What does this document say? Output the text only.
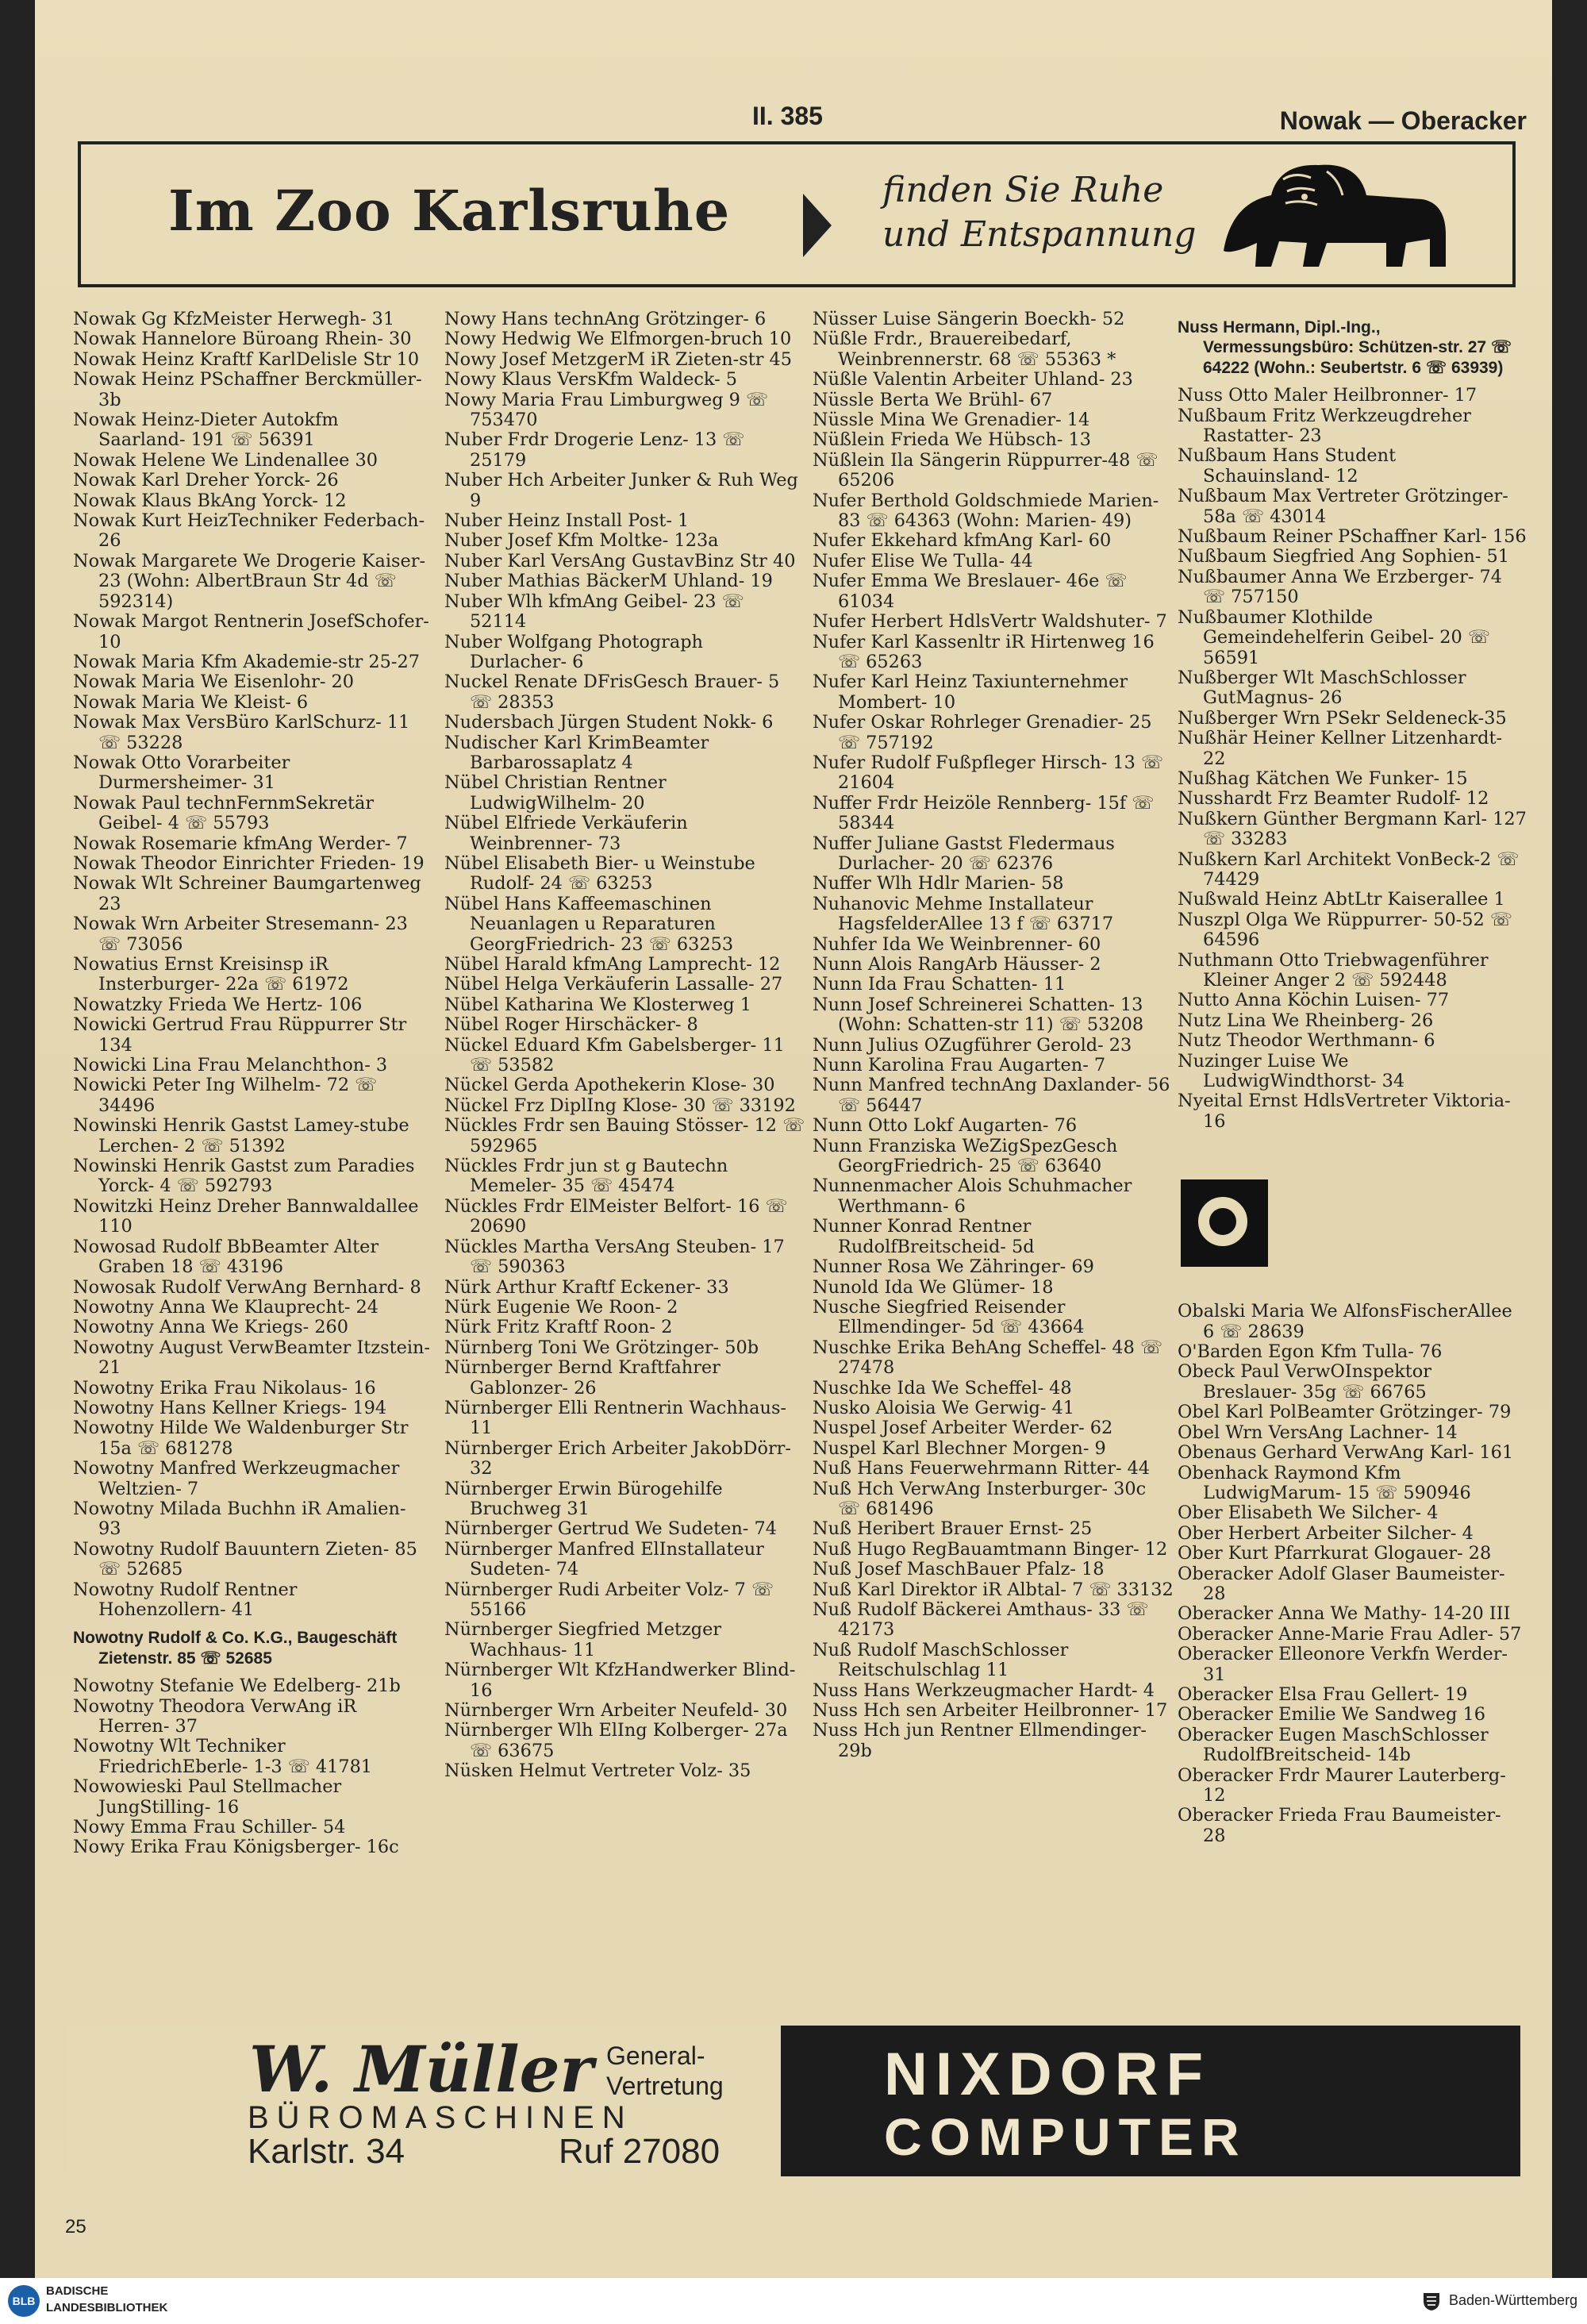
II. 385	Nowak — Oberacker
Im Zoo Karlsruhe	finden Sie Ruhe
und Entspannung

Nowak Gg KfzMeister Herwegh- 31

Nowak Hannelore Büroang Rhein- 30

Nowak Heinz Kraftf KarlDelisle Str 10

Nowak Heinz PSchaffner Berckmüller- 3b

Nowak Heinz-Dieter Autokfm Saarland- 191 ☏ 56391

Nowak Helene We Lindenallee 30

Nowak Karl Dreher Yorck- 26

Nowak Klaus BkAng Yorck- 12

Nowak Kurt HeizTechniker Federbach- 26

Nowak Margarete We Drogerie Kaiser- 23 (Wohn: AlbertBraun Str 4d ☏ 592314)

Nowak Margot Rentnerin JosefSchofer- 10

Nowak Maria Kfm Akademie-str 25-27

Nowak Maria We Eisenlohr- 20

Nowak Maria We Kleist- 6

Nowak Max VersBüro KarlSchurz- 11 ☏ 53228

Nowak Otto Vorarbeiter Durmersheimer- 31

Nowak Paul technFernmSekretär Geibel- 4 ☏ 55793

Nowak Rosemarie kfmAng Werder- 7

Nowak Theodor Einrichter Frieden- 19

Nowak Wlt Schreiner Baumgartenweg 23

Nowak Wrn Arbeiter Stresemann- 23 ☏ 73056

Nowatius Ernst Kreisinsp iR Insterburger- 22a ☏ 61972

Nowatzky Frieda We Hertz- 106

Nowicki Gertrud Frau Rüppurrer Str 134

Nowicki Lina Frau Melanchthon- 3

Nowicki Peter Ing Wilhelm- 72 ☏ 34496

Nowinski Henrik Gastst Lamey-stube Lerchen- 2 ☏ 51392

Nowinski Henrik Gastst zum Paradies Yorck- 4 ☏ 592793

Nowitzki Heinz Dreher Bannwaldallee 110

Nowosad Rudolf BbBeamter Alter Graben 18 ☏ 43196

Nowosak Rudolf VerwAng Bernhard- 8

Nowotny Anna We Klauprecht- 24

Nowotny Anna We Kriegs- 260

Nowotny August VerwBeamter Itzstein- 21

Nowotny Erika Frau Nikolaus- 16

Nowotny Hans Kellner Kriegs- 194

Nowotny Hilde We Waldenburger Str 15a ☏ 681278

Nowotny Manfred Werkzeugmacher Weltzien- 7

Nowotny Milada Buchhn iR Amalien- 93

Nowotny Rudolf Bauuntern Zieten- 85 ☏ 52685

Nowotny Rudolf Rentner Hohenzollern- 41

Nowotny Rudolf & Co. K.G., Baugeschäft Zietenstr. 85 ☏ 52685

Nowotny Stefanie We Edelberg- 21b

Nowotny Theodora VerwAng iR Herren- 37

Nowotny Wlt Techniker FriedrichEberle- 1-3 ☏ 41781

Nowowieski Paul Stellmacher JungStilling- 16

Nowy Emma Frau Schiller- 54

Nowy Erika Frau Königsberger- 16c

Nowy Hans technAng Grötzinger- 6

Nowy Hedwig We Elfmorgen-bruch 10

Nowy Josef MetzgerM iR Zieten-str 45

Nowy Klaus VersKfm Waldeck- 5

Nowy Maria Frau Limburgweg 9 ☏ 753470

Nuber Frdr Drogerie Lenz- 13 ☏ 25179

Nuber Hch Arbeiter Junker & Ruh Weg 9

Nuber Heinz Install Post- 1

Nuber Josef Kfm Moltke- 123a

Nuber Karl VersAng GustavBinz Str 40

Nuber Mathias BäckerM Uhland- 19

Nuber Wlh kfmAng Geibel- 23 ☏ 52114

Nuber Wolfgang Photograph Durlacher- 6

Nuckel Renate DFrisGesch Brauer- 5 ☏ 28353

Nudersbach Jürgen Student Nokk- 6

Nudischer Karl KrimBeamter Barbarossaplatz 4

Nübel Christian Rentner LudwigWilhelm- 20

Nübel Elfriede Verkäuferin Weinbrenner- 73

Nübel Elisabeth Bier- u Weinstube Rudolf- 24 ☏ 63253

Nübel Hans Kaffeemaschinen Neuanlagen u Reparaturen GeorgFriedrich- 23 ☏ 63253

Nübel Harald kfmAng Lamprecht- 12

Nübel Helga Verkäuferin Lassalle- 27

Nübel Katharina We Klosterweg 1

Nübel Roger Hirschäcker- 8

Nückel Eduard Kfm Gabelsberger- 11 ☏ 53582

Nückel Gerda Apothekerin Klose- 30

Nückel Frz DiplIng Klose- 30 ☏ 33192

Nückles Frdr sen Bauing Stösser- 12 ☏ 592965

Nückles Frdr jun st g Bautechn Memeler- 35 ☏ 45474

Nückles Frdr ElMeister Belfort- 16 ☏ 20690

Nückles Martha VersAng Steuben- 17 ☏ 590363

Nürk Arthur Kraftf Eckener- 33

Nürk Eugenie We Roon- 2

Nürk Fritz Kraftf Roon- 2

Nürnberg Toni We Grötzinger- 50b

Nürnberger Bernd Kraftfahrer Gablonzer- 26

Nürnberger Elli Rentnerin Wachhaus- 11

Nürnberger Erich Arbeiter JakobDörr- 32

Nürnberger Erwin Bürogehilfe Bruchweg 31

Nürnberger Gertrud We Sudeten- 74

Nürnberger Manfred ElInstallateur Sudeten- 74

Nürnberger Rudi Arbeiter Volz- 7 ☏ 55166

Nürnberger Siegfried Metzger Wachhaus- 11

Nürnberger Wlt KfzHandwerker Blind- 16

Nürnberger Wrn Arbeiter Neufeld- 30

Nürnberger Wlh ElIng Kolberger- 27a ☏ 63675

Nüsken Helmut Vertreter Volz- 35

Nüsser Luise Sängerin Boeckh- 52

Nüßle Frdr., Brauereibedarf, Weinbrennerstr. 68 ☏ 55363 *

Nüßle Valentin Arbeiter Uhland- 23

Nüssle Berta We Brühl- 67

Nüssle Mina We Grenadier- 14

Nüßlein Frieda We Hübsch- 13

Nüßlein Ila Sängerin Rüppurrer-48 ☏ 65206

Nufer Berthold Goldschmiede Marien- 83 ☏ 64363 (Wohn: Marien- 49)

Nufer Ekkehard kfmAng Karl- 60

Nufer Elise We Tulla- 44

Nufer Emma We Breslauer- 46e ☏ 61034

Nufer Herbert HdlsVertr Waldshuter- 7

Nufer Karl Kassenltr iR Hirtenweg 16 ☏ 65263

Nufer Karl Heinz Taxiunternehmer Mombert- 10

Nufer Oskar Rohrleger Grenadier- 25 ☏ 757192

Nufer Rudolf Fußpfleger Hirsch- 13 ☏ 21604

Nuffer Frdr Heizöle Rennberg- 15f ☏ 58344

Nuffer Juliane Gastst Fledermaus Durlacher- 20 ☏ 62376

Nuffer Wlh Hdlr Marien- 58

Nuhanovic Mehme Installateur HagsfelderAllee 13 f ☏ 63717

Nuhfer Ida We Weinbrenner- 60

Nunn Alois RangArb Häusser- 2

Nunn Ida Frau Schatten- 11

Nunn Josef Schreinerei Schatten- 13 (Wohn: Schatten-str 11) ☏ 53208

Nunn Julius OZugführer Gerold- 23

Nunn Karolina Frau Augarten- 7

Nunn Manfred technAng Daxlander- 56 ☏ 56447

Nunn Otto Lokf Augarten- 76

Nunn Franziska WeZigSpezGesch GeorgFriedrich- 25 ☏ 63640

Nunnenmacher Alois Schuhmacher Werthmann- 6

Nunner Konrad Rentner RudolfBreitscheid- 5d

Nunner Rosa We Zähringer- 69

Nunold Ida We Glümer- 18

Nusche Siegfried Reisender Ellmendinger- 5d ☏ 43664

Nuschke Erika BehAng Scheffel- 48 ☏ 27478

Nuschke Ida We Scheffel- 48

Nusko Aloisia We Gerwig- 41

Nuspel Josef Arbeiter Werder- 62

Nuspel Karl Blechner Morgen- 9

Nuß Hans Feuerwehrmann Ritter- 44

Nuß Hch VerwAng Insterburger- 30c ☏ 681496

Nuß Heribert Brauer Ernst- 25

Nuß Hugo RegBauamtmann Binger- 12

Nuß Josef MaschBauer Pfalz- 18

Nuß Karl Direktor iR Albtal- 7 ☏ 33132

Nuß Rudolf Bäckerei Amthaus- 33 ☏ 42173

Nuß Rudolf MaschSchlosser Reitschulschlag 11

Nuss Hans Werkzeugmacher Hardt- 4

Nuss Hch sen Arbeiter Heilbronner- 17

Nuss Hch jun Rentner Ellmendinger- 29b

Nuss Hermann, Dipl.-Ing., Vermessungsbüro: Schützen-str. 27 ☏ 64222 (Wohn.: Seubertstr. 6 ☏ 63939)

Nuss Otto Maler Heilbronner- 17

Nußbaum Fritz Werkzeugdreher Rastatter- 23

Nußbaum Hans Student Schauinsland- 12

Nußbaum Max Vertreter Grötzinger- 58a ☏ 43014

Nußbaum Reiner PSchaffner Karl- 156

Nußbaum Siegfried Ang Sophien- 51

Nußbaumer Anna We Erzberger- 74 ☏ 757150

Nußbaumer Klothilde Gemeindehelferin Geibel- 20 ☏ 56591

Nußberger Wlt MaschSchlosser GutMagnus- 26

Nußberger Wrn PSekr Seldeneck-35

Nußhär Heiner Kellner Litzenhardt- 22

Nußhag Kätchen We Funker- 15

Nusshardt Frz Beamter Rudolf- 12

Nußkern Günther Bergmann Karl- 127 ☏ 33283

Nußkern Karl Architekt VonBeck-2 ☏ 74429

Nußwald Heinz AbtLtr Kaiserallee 1

Nuszpl Olga We Rüppurrer- 50-52 ☏ 64596

Nuthmann Otto Triebwagenführer Kleiner Anger 2 ☏ 592448

Nutto Anna Köchin Luisen- 77

Nutz Lina We Rheinberg- 26

Nutz Theodor Werthmann- 6

Nuzinger Luise We LudwigWindthorst- 34

Nyeital Ernst HdlsVertreter Viktoria- 16

Obalski Maria We AlfonsFischerAllee 6 ☏ 28639

O'Barden Egon Kfm Tulla- 76

Obeck Paul VerwOInspektor Breslauer- 35g ☏ 66765

Obel Karl PolBeamter Grötzinger- 79

Obel Wrn VersAng Lachner- 14

Obenaus Gerhard VerwAng Karl- 161

Obenhack Raymond Kfm LudwigMarum- 15 ☏ 590946

Ober Elisabeth We Silcher- 4

Ober Herbert Arbeiter Silcher- 4

Ober Kurt Pfarrkurat Glogauer- 28

Oberacker Adolf Glaser Baumeister- 28

Oberacker Anna We Mathy- 14-20 III

Oberacker Anne-Marie Frau Adler- 57

Oberacker Elleonore Verkfn Werder- 31

Oberacker Elsa Frau Gellert- 19

Oberacker Emilie We Sandweg 16

Oberacker Eugen MaschSchlosser RudolfBreitscheid- 14b

Oberacker Frdr Maurer Lauterberg- 12

Oberacker Frieda Frau Baumeister- 28

W. Müller General-
Vertretung
BÜROMASCHINEN
Karlstr. 34	Ruf 27080
NIXDORF
COMPUTER
25
BLB
BADISCHE
LANDESBIBLIOTHEK	Baden-Württemberg
